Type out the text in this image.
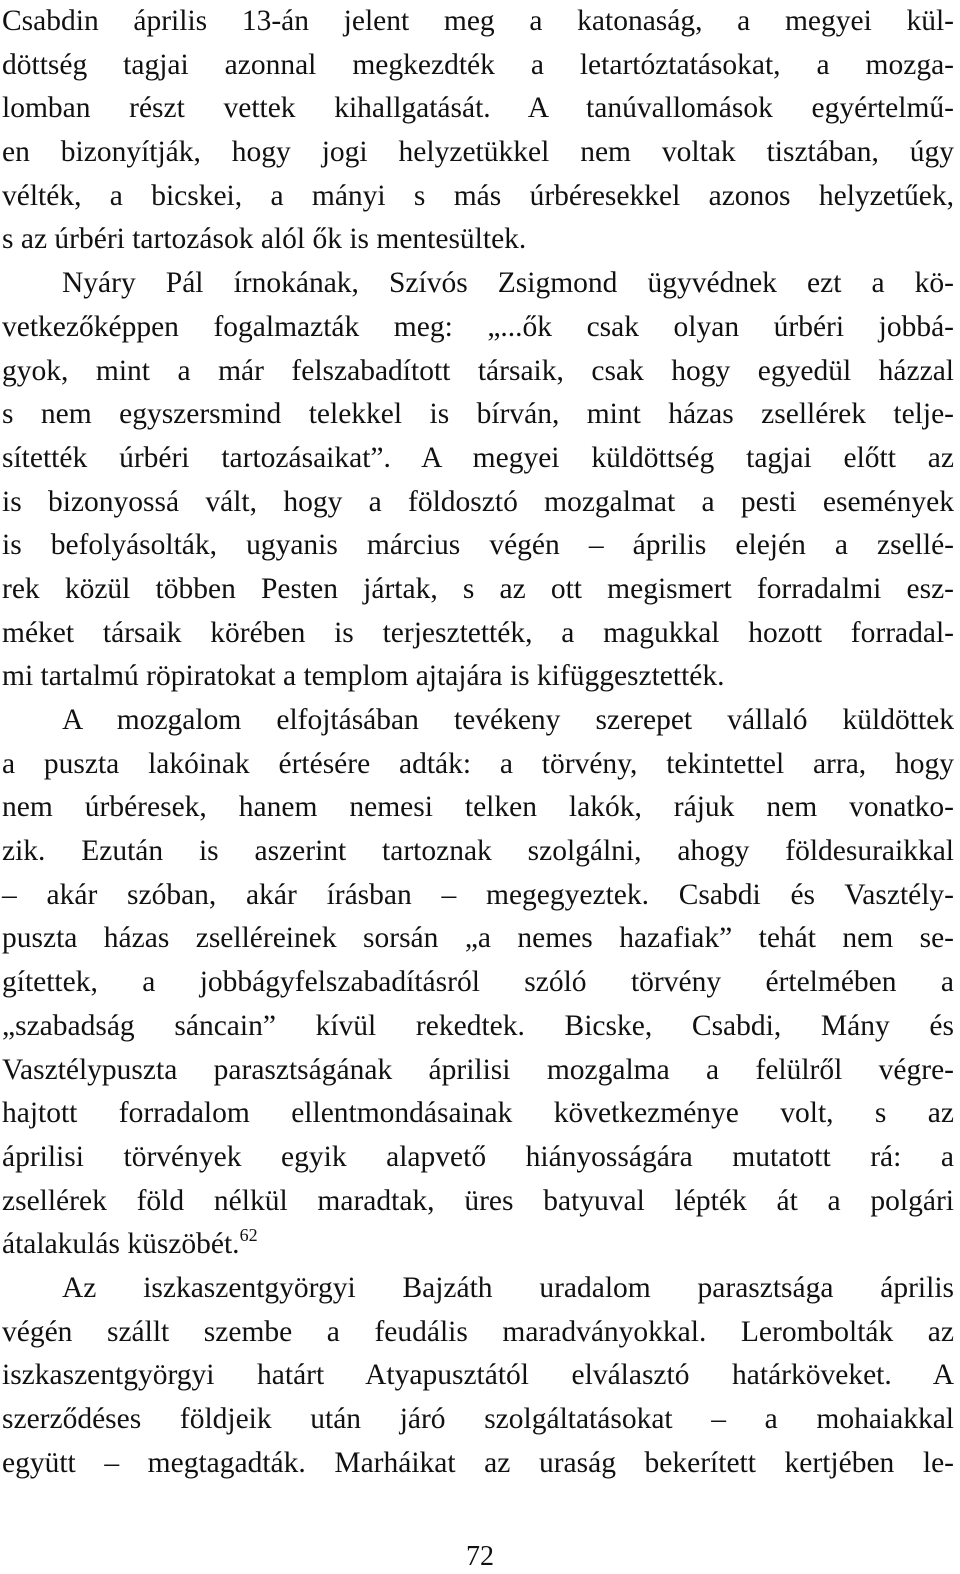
Csabdin április 13-án jelent meg a katonaság, a megyei kül-
döttség tagjai azonnal megkezdték a letartóztatásokat, a mozga-
lomban részt vettek kihallgatását. A tanúvallomások egyértelmű-
en bizonyítják, hogy jogi helyzetükkel nem voltak tisztában, úgy
vélték, a bicskei, a mányi s más úrbéresekkel azonos helyzetűek,
s az úrbéri tartozások alól ők is mentesültek.
Nyáry Pál írnokának, Szívós Zsigmond ügyvédnek ezt a kö-
vetkezőképpen fogalmazták meg: „...ők csak olyan úrbéri jobbá-
gyok, mint a már felszabadított társaik, csak hogy egyedül házzal
s nem egyszersmind telekkel is bírván, mint házas zsellérek telje-
sítették úrbéri tartozásaikat”. A megyei küldöttség tagjai előtt az
is bizonyossá vált, hogy a földosztó mozgalmat a pesti események
is befolyásolták, ugyanis március végén – április elején a zsellé-
rek közül többen Pesten jártak, s az ott megismert forradalmi esz-
méket társaik körében is terjesztették, a magukkal hozott forradal-
mi tartalmú röpiratokat a templom ajtajára is kifüggesztették.
A mozgalom elfojtásában tevékeny szerepet vállaló küldöttek
a puszta lakóinak értésére adták: a törvény, tekintettel arra, hogy
nem úrbéresek, hanem nemesi telken lakók, rájuk nem vonatko-
zik. Ezután is aszerint tartoznak szolgálni, ahogy földesuraikkal
– akár szóban, akár írásban – megegyeztek. Csabdi és Vasztély-
puszta házas zselléreinek sorsán „a nemes hazafiak” tehát nem se-
gítettek, a jobbágyfelszabadításról szóló törvény értelmében a
„szabadság sáncain” kívül rekedtek. Bicske, Csabdi, Mány és
Vasztélypuszta parasztságának áprilisi mozgalma a felülről végre-
hajtott forradalom ellentmondásainak következménye volt, s az
áprilisi törvények egyik alapvető hiányosságára mutatott rá: a
zsellérek föld nélkül maradtak, üres batyuval lépték át a polgári
átalakulás küszöbét.$^{62}$
Az iszkaszentgyörgyi Bajzáth uradalom parasztsága április
végén szállt szembe a feudális maradványokkal. Lerombolták az
iszkaszentgyörgyi határt Atyapusztától elválasztó határköveket. A
szerződéses földjeik után járó szolgáltatásokat – a mohaiakkal
együtt – megtagadták. Marháikat az uraság bekerített kertjében le-
72
